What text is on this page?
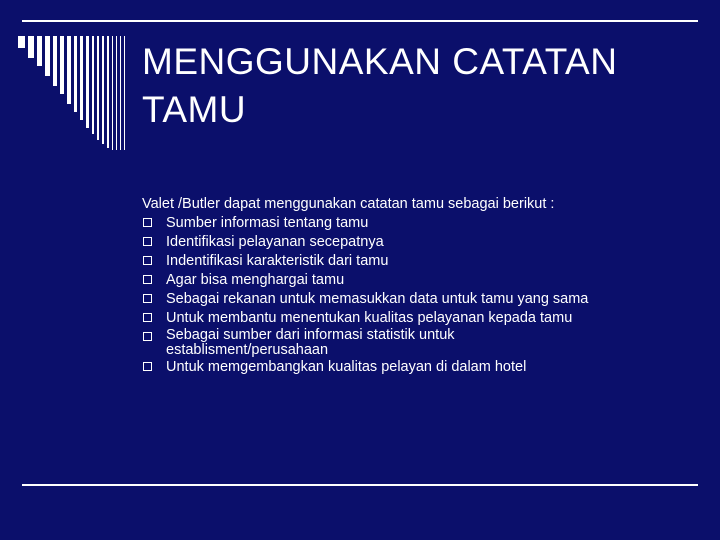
MENGGUNAKAN CATATAN TAMU
Valet /Butler dapat menggunakan catatan tamu sebagai berikut :
Sumber informasi tentang tamu
Identifikasi pelayanan secepatnya
Indentifikasi karakteristik dari tamu
Agar bisa menghargai tamu
Sebagai rekanan untuk memasukkan data untuk tamu yang sama
Untuk membantu menentukan kualitas pelayanan kepada tamu
Sebagai sumber dari informasi statistik untuk establisment/perusahaan
Untuk memgembangkan kualitas pelayan di dalam hotel
